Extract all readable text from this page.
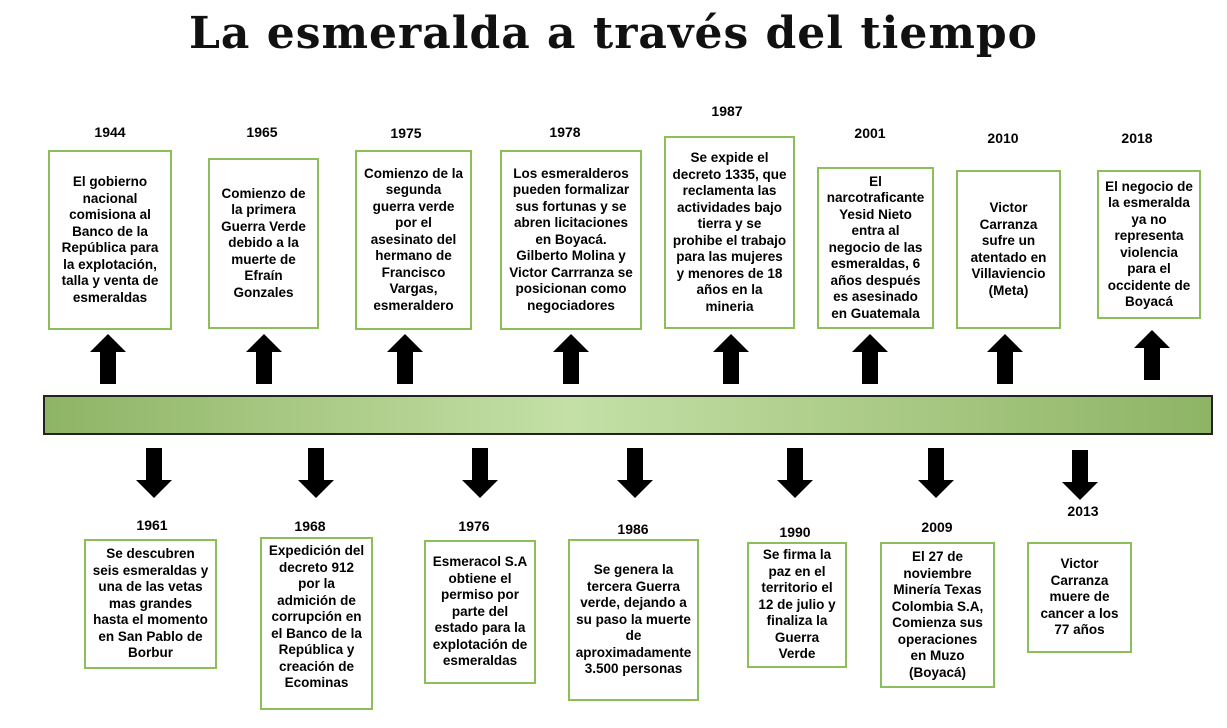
La esmeralda a través del tiempo
1944
El gobierno nacional comisiona al Banco de la República para la explotación, talla y venta de esmeraldas
1965
Comienzo de la primera Guerra Verde debido a la muerte de Efraín Gonzales
1975
Comienzo de la segunda guerra verde por el asesinato del hermano de Francisco Vargas, esmeraldero
1978
Los esmeralderos pueden formalizar sus fortunas y se abren licitaciones en Boyacá. Gilberto Molina y Victor Carrranza se posicionan como negociadores
1987
Se expide el decreto 1335, que reclamenta las actividades bajo tierra y se prohibe el trabajo para las mujeres y menores de 18 años en la mineria
2001
El narcotraficante Yesid Nieto entra al negocio de las esmeraldas, 6 años después es asesinado en Guatemala
2010
Victor Carranza sufre un atentado en Villaviencio (Meta)
2018
El negocio de la esmeralda ya no representa violencia para el occidente de Boyacá
1961
Se descubren seis esmeraldas y una de las vetas mas grandes hasta el momento en San Pablo de Borbur
1968
Expedición del decreto 912 por la admición de corrupción en el Banco de la República y creación de Ecominas
1976
Esmeracol S.A obtiene el permiso por parte del estado para la explotación de esmeraldas
1986
Se genera la tercera Guerra verde, dejando a su paso la muerte de aproximadamente 3.500 personas
1990
Se firma la paz en el territorio el 12 de julio y finaliza la Guerra Verde
2009
El 27 de noviembre Minería Texas Colombia S.A, Comienza sus operaciones en Muzo (Boyacá)
2013
Victor Carranza muere de cancer a los 77 años
